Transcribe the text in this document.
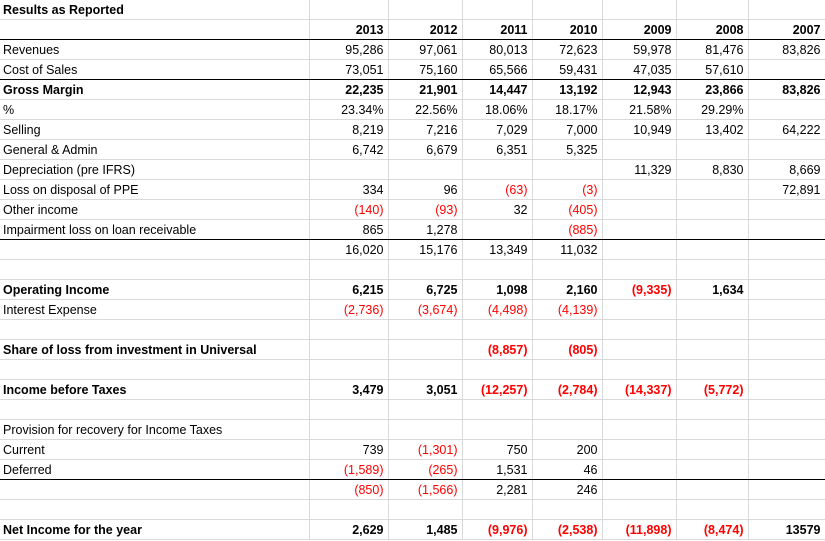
Results as Reported							
	2013	2012	2011	2010	2009	2008	2007
Revenues	95,286	97,061	80,013	72,623	59,978	81,476	83,826
Cost of Sales	73,051	75,160	65,566	59,431	47,035	57,610	
Gross Margin	22,235	21,901	14,447	13,192	12,943	23,866	83,826
%	23.34%	22.56%	18.06%	18.17%	21.58%	29.29%	
Selling	8,219	7,216	7,029	7,000	10,949	13,402	64,222
General & Admin	6,742	6,679	6,351	5,325			
Depreciation (pre IFRS)					11,329	8,830	8,669
Loss on disposal of PPE	334	96	(63)	(3)			72,891
Other income	(140)	(93)	32	(405)			
Impairment loss on loan receivable	865	1,278		(885)			
	16,020	15,176	13,349	11,032			

Operating Income	6,215	6,725	1,098	2,160	(9,335)	1,634	
Interest Expense	(2,736)	(3,674)	(4,498)	(4,139)			

Share of loss from investment in Universal			(8,857)	(805)			

Income before Taxes	3,479	3,051	(12,257)	(2,784)	(14,337)	(5,772)	

Provision for recovery for Income Taxes							
Current	739	(1,301)	750	200			
Deferred	(1,589)	(265)	1,531	46			
	(850)	(1,566)	2,281	246			

Net Income for the year	2,629	1,485	(9,976)	(2,538)	(11,898)	(8,474)	13579
